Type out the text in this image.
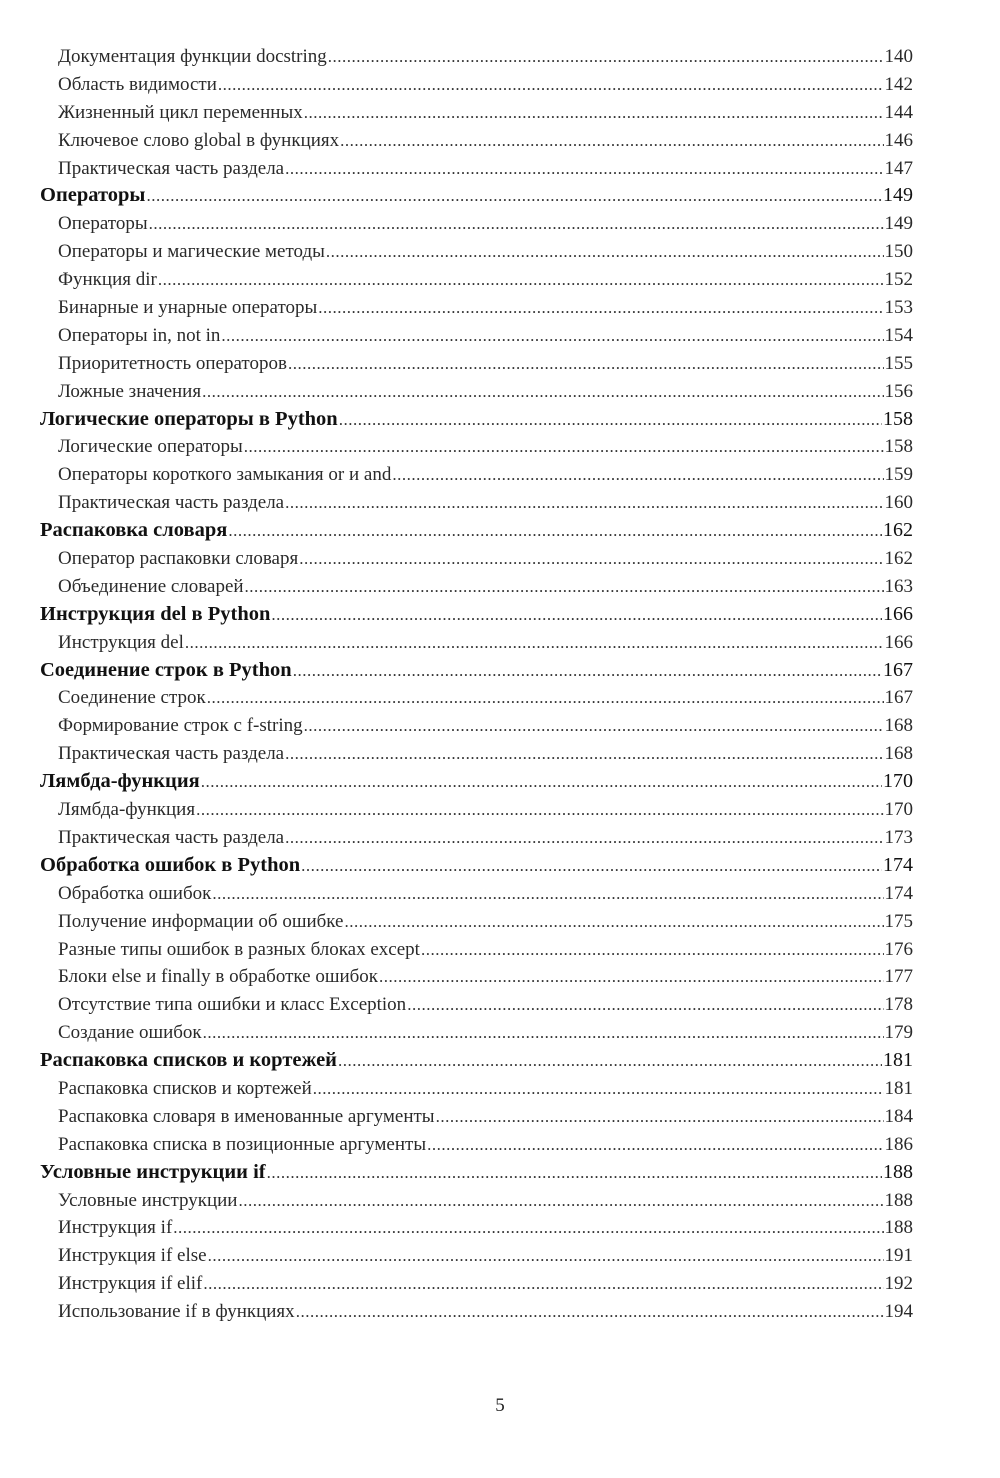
Документация функции docstring .....	140
Область видимости .....	142
Жизненный цикл переменных .....	144
Ключевое слово global в функциях .....	146
Практическая часть раздела .....	147
Операторы .....	149
Операторы .....	149
Операторы и магические методы .....	150
Функция dir .....	152
Бинарные и унарные операторы .....	153
Операторы in, not in .....	154
Приоритетность операторов .....	155
Ложные значения .....	156
Логические операторы в Python .....	158
Логические операторы .....	158
Операторы короткого замыкания or и and .....	159
Практическая часть раздела .....	160
Распаковка словаря .....	162
Оператор распаковки словаря .....	162
Объединение словарей .....	163
Инструкция del в Python .....	166
Инструкция del .....	166
Соединение строк в Python .....	167
Соединение строк .....	167
Формирование строк с f-string .....	168
Практическая часть раздела .....	168
Лямбда-функция .....	170
Лямбда-функция .....	170
Практическая часть раздела .....	173
Обработка ошибок в Python .....	174
Обработка ошибок .....	174
Получение информации об ошибке .....	175
Разные типы ошибок в разных блоках except .....	176
Блоки else и finally в обработке ошибок .....	177
Отсутствие типа ошибки и класс Exception .....	178
Создание ошибок .....	179
Распаковка списков и кортежей .....	181
Распаковка списков и кортежей .....	181
Распаковка словаря в именованные аргументы .....	184
Распаковка списка в позиционные аргументы .....	186
Условные инструкции if .....	188
Условные инструкции .....	188
Инструкция if .....	188
Инструкция if else .....	191
Инструкция if elif .....	192
Использование if в функциях .....	194
5
